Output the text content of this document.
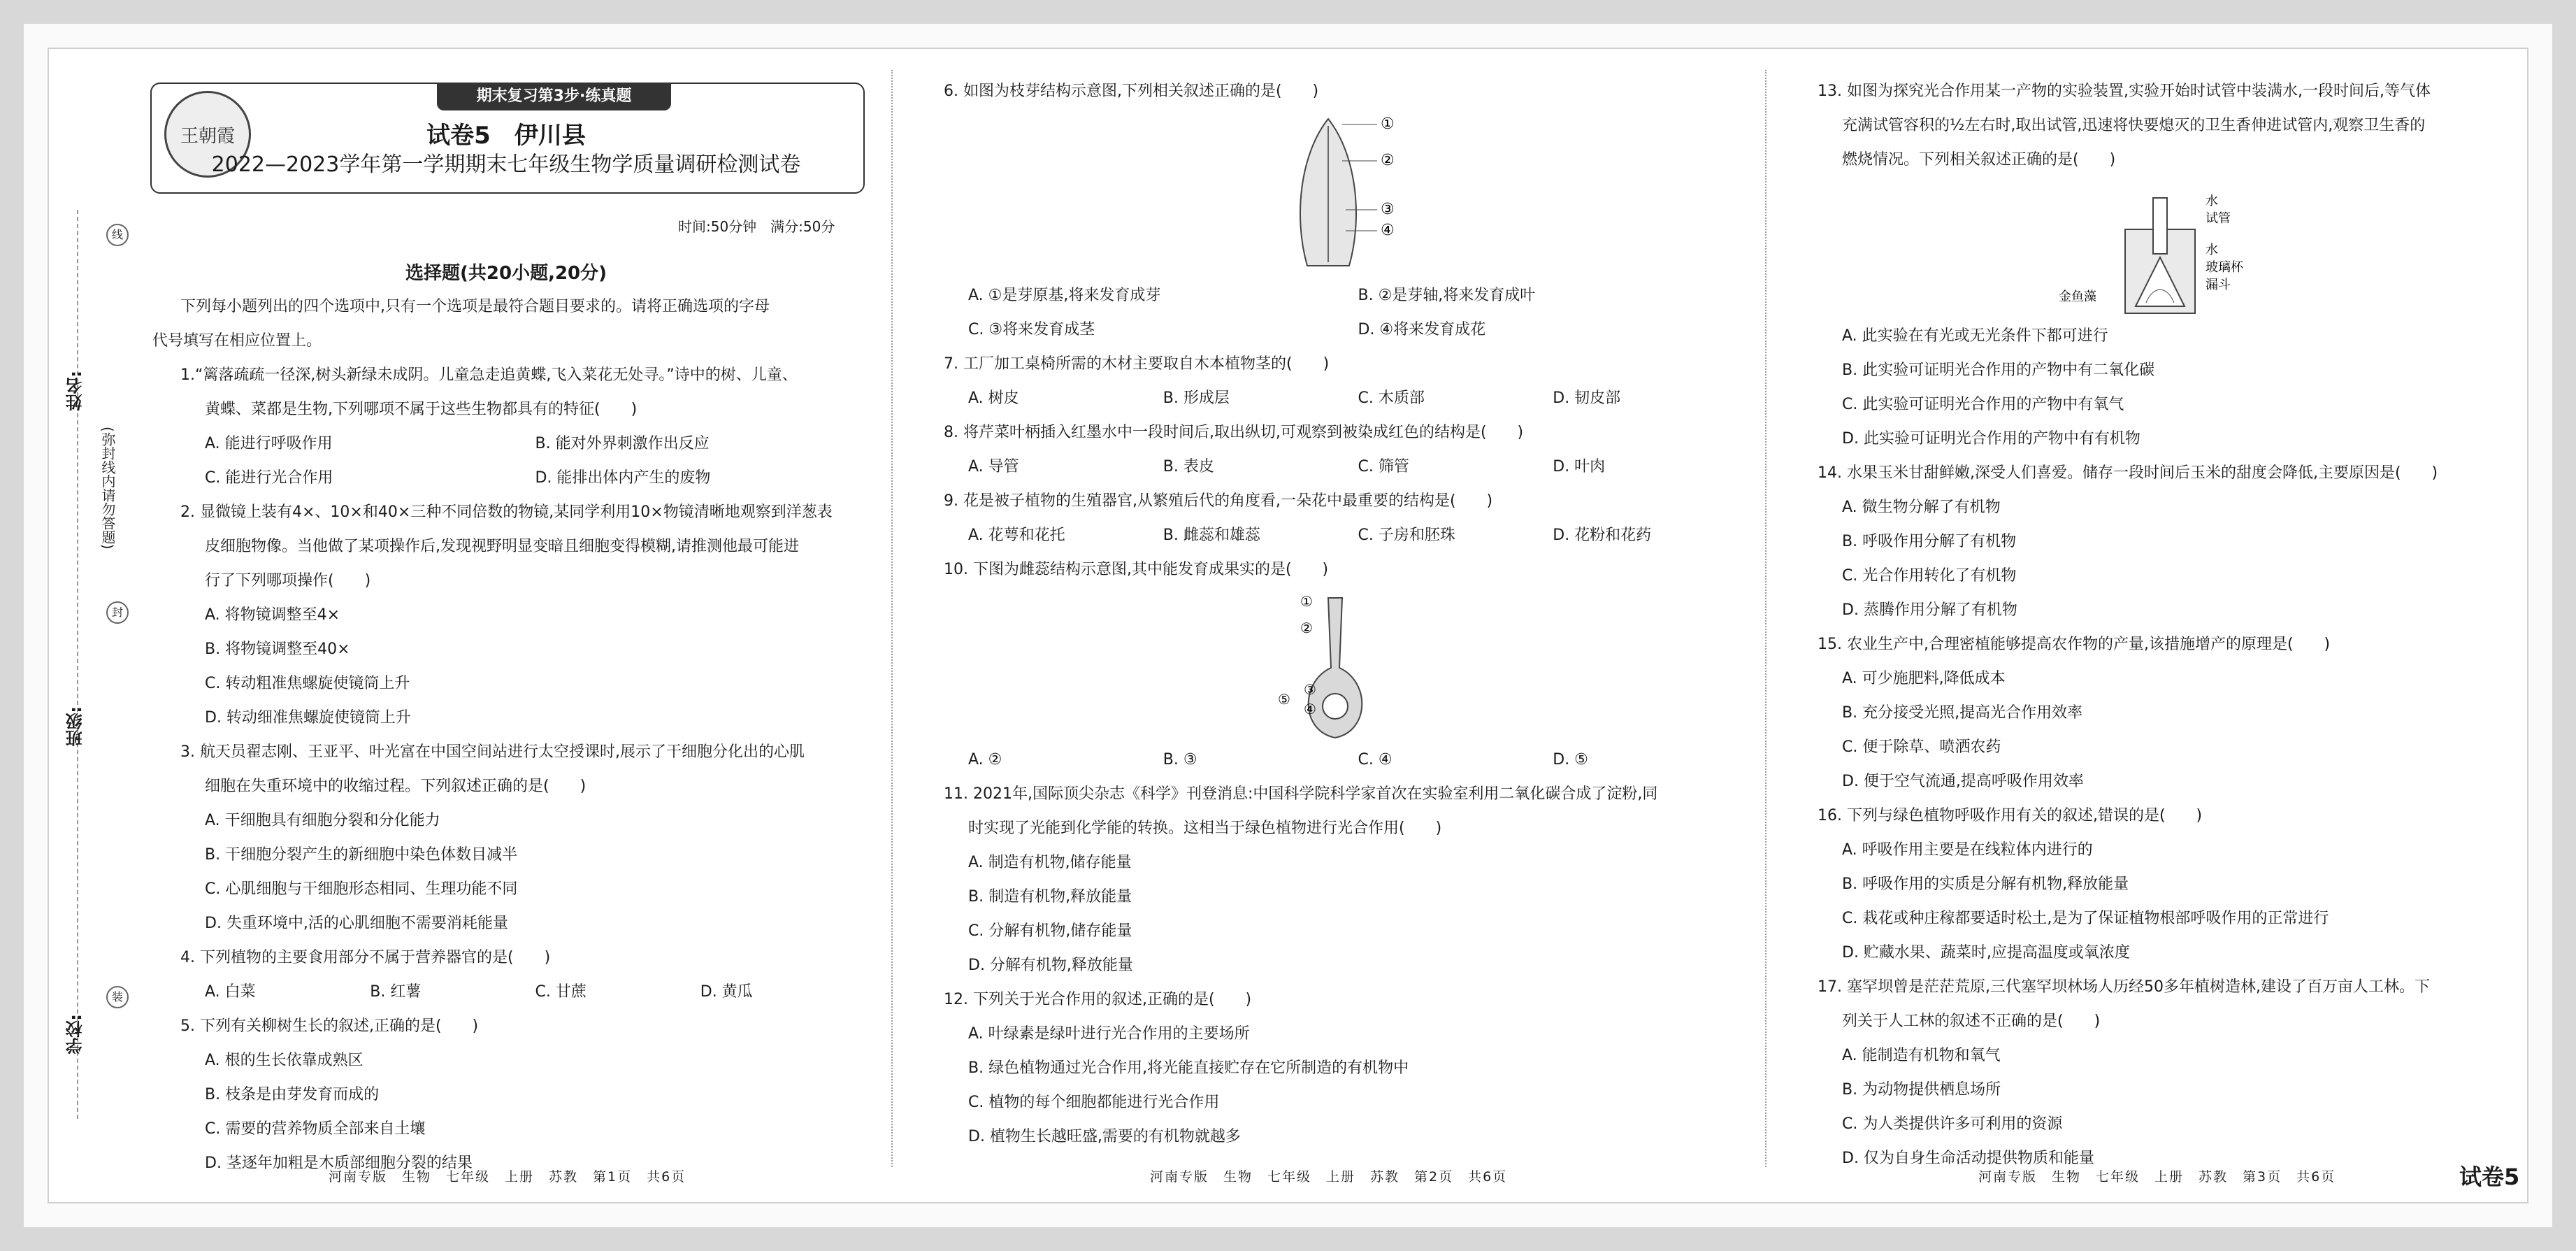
期末复习第3步·练真题
王朝霞	试卷5　伊川县
2022—2023学年第一学期期末七年级生物学质量调研检测试卷
时间:50分钟　满分:50分
选择题(共20小题,20分)
线
姓名:
封
班级:
装
学校:
(弥封线内请勿答题)

下列每小题列出的四个选项中,只有一个选项是最符合题目要求的。请将正确选项的字母

代号填写在相应位置上。

1.“篱落疏疏一径深,树头新绿未成阴。儿童急走追黄蝶,飞入菜花无处寻。”诗中的树、儿童、

黄蝶、菜都是生物,下列哪项不属于这些生物都具有的特征(　　)

A. 能进行呼吸作用	B. 能对外界刺激作出反应
C. 能进行光合作用	D. 能排出体内产生的废物

2. 显微镜上装有4×、10×和40×三种不同倍数的物镜,某同学利用10×物镜清晰地观察到洋葱表

皮细胞物像。当他做了某项操作后,发现视野明显变暗且细胞变得模糊,请推测他最可能进

行了下列哪项操作(　　)

A. 将物镜调整至4×

B. 将物镜调整至40×

C. 转动粗准焦螺旋使镜筒上升

D. 转动细准焦螺旋使镜筒上升

3. 航天员翟志刚、王亚平、叶光富在中国空间站进行太空授课时,展示了干细胞分化出的心肌

细胞在失重环境中的收缩过程。下列叙述正确的是(　　)

A. 干细胞具有细胞分裂和分化能力

B. 干细胞分裂产生的新细胞中染色体数目减半

C. 心肌细胞与干细胞形态相同、生理功能不同

D. 失重环境中,活的心肌细胞不需要消耗能量

4. 下列植物的主要食用部分不属于营养器官的是(　　)

A. 白菜	B. 红薯	C. 甘蔗	D. 黄瓜

5. 下列有关柳树生长的叙述,正确的是(　　)

A. 根的生长依靠成熟区

B. 枝条是由芽发育而成的

C. 需要的营养物质全部来自土壤

D. 茎逐年加粗是木质部细胞分裂的结果

6. 如图为枝芽结构示意图,下列相关叙述正确的是(　　)

①
②
③
④
A. ①是芽原基,将来发育成芽	B. ②是芽轴,将来发育成叶
C. ③将来发育成茎	D. ④将来发育成花

7. 工厂加工桌椅所需的木材主要取自木本植物茎的(　　)

A. 树皮	B. 形成层	C. 木质部	D. 韧皮部

8. 将芹菜叶柄插入红墨水中一段时间后,取出纵切,可观察到被染成红色的结构是(　　)

A. 导管	B. 表皮	C. 筛管	D. 叶肉

9. 花是被子植物的生殖器官,从繁殖后代的角度看,一朵花中最重要的结构是(　　)

A. 花萼和花托	B. 雌蕊和雄蕊	C. 子房和胚珠	D. 花粉和花药

10. 下图为雌蕊结构示意图,其中能发育成果实的是(　　)

①
②
③
④
⑤
A. ②	B. ③	C. ④	D. ⑤

11. 2021年,国际顶尖杂志《科学》刊登消息:中国科学院科学家首次在实验室利用二氧化碳合成了淀粉,同

时实现了光能到化学能的转换。这相当于绿色植物进行光合作用(　　)

A. 制造有机物,储存能量

B. 制造有机物,释放能量

C. 分解有机物,储存能量

D. 分解有机物,释放能量

12. 下列关于光合作用的叙述,正确的是(　　)

A. 叶绿素是绿叶进行光合作用的主要场所

B. 绿色植物通过光合作用,将光能直接贮存在它所制造的有机物中

C. 植物的每个细胞都能进行光合作用

D. 植物生长越旺盛,需要的有机物就越多

13. 如图为探究光合作用某一产物的实验装置,实验开始时试管中装满水,一段时间后,等气体

充满试管容积的½左右时,取出试管,迅速将快要熄灭的卫生香伸进试管内,观察卫生香的

燃烧情况。下列相关叙述正确的是(　　)

水
试管
水
玻璃杯
漏斗
金鱼藻

A. 此实验在有光或无光条件下都可进行

B. 此实验可证明光合作用的产物中有二氧化碳

C. 此实验可证明光合作用的产物中有氧气

D. 此实验可证明光合作用的产物中有有机物

14. 水果玉米甘甜鲜嫩,深受人们喜爱。储存一段时间后玉米的甜度会降低,主要原因是(　　)

A. 微生物分解了有机物

B. 呼吸作用分解了有机物

C. 光合作用转化了有机物

D. 蒸腾作用分解了有机物

15. 农业生产中,合理密植能够提高农作物的产量,该措施增产的原理是(　　)

A. 可少施肥料,降低成本

B. 充分接受光照,提高光合作用效率

C. 便于除草、喷洒农药

D. 便于空气流通,提高呼吸作用效率

16. 下列与绿色植物呼吸作用有关的叙述,错误的是(　　)

A. 呼吸作用主要是在线粒体内进行的

B. 呼吸作用的实质是分解有机物,释放能量

C. 栽花或种庄稼都要适时松土,是为了保证植物根部呼吸作用的正常进行

D. 贮藏水果、蔬菜时,应提高温度或氧浓度

17. 塞罕坝曾是茫茫荒原,三代塞罕坝林场人历经50多年植树造林,建设了百万亩人工林。下

列关于人工林的叙述不正确的是(　　)

A. 能制造有机物和氧气

B. 为动物提供栖息场所

C. 为人类提供许多可利用的资源

D. 仅为自身生命活动提供物质和能量

河南专版　生物　七年级　上册　苏教　第1页　共6页	河南专版　生物　七年级　上册　苏教　第2页　共6页	河南专版　生物　七年级　上册　苏教　第3页　共6页	试卷5
